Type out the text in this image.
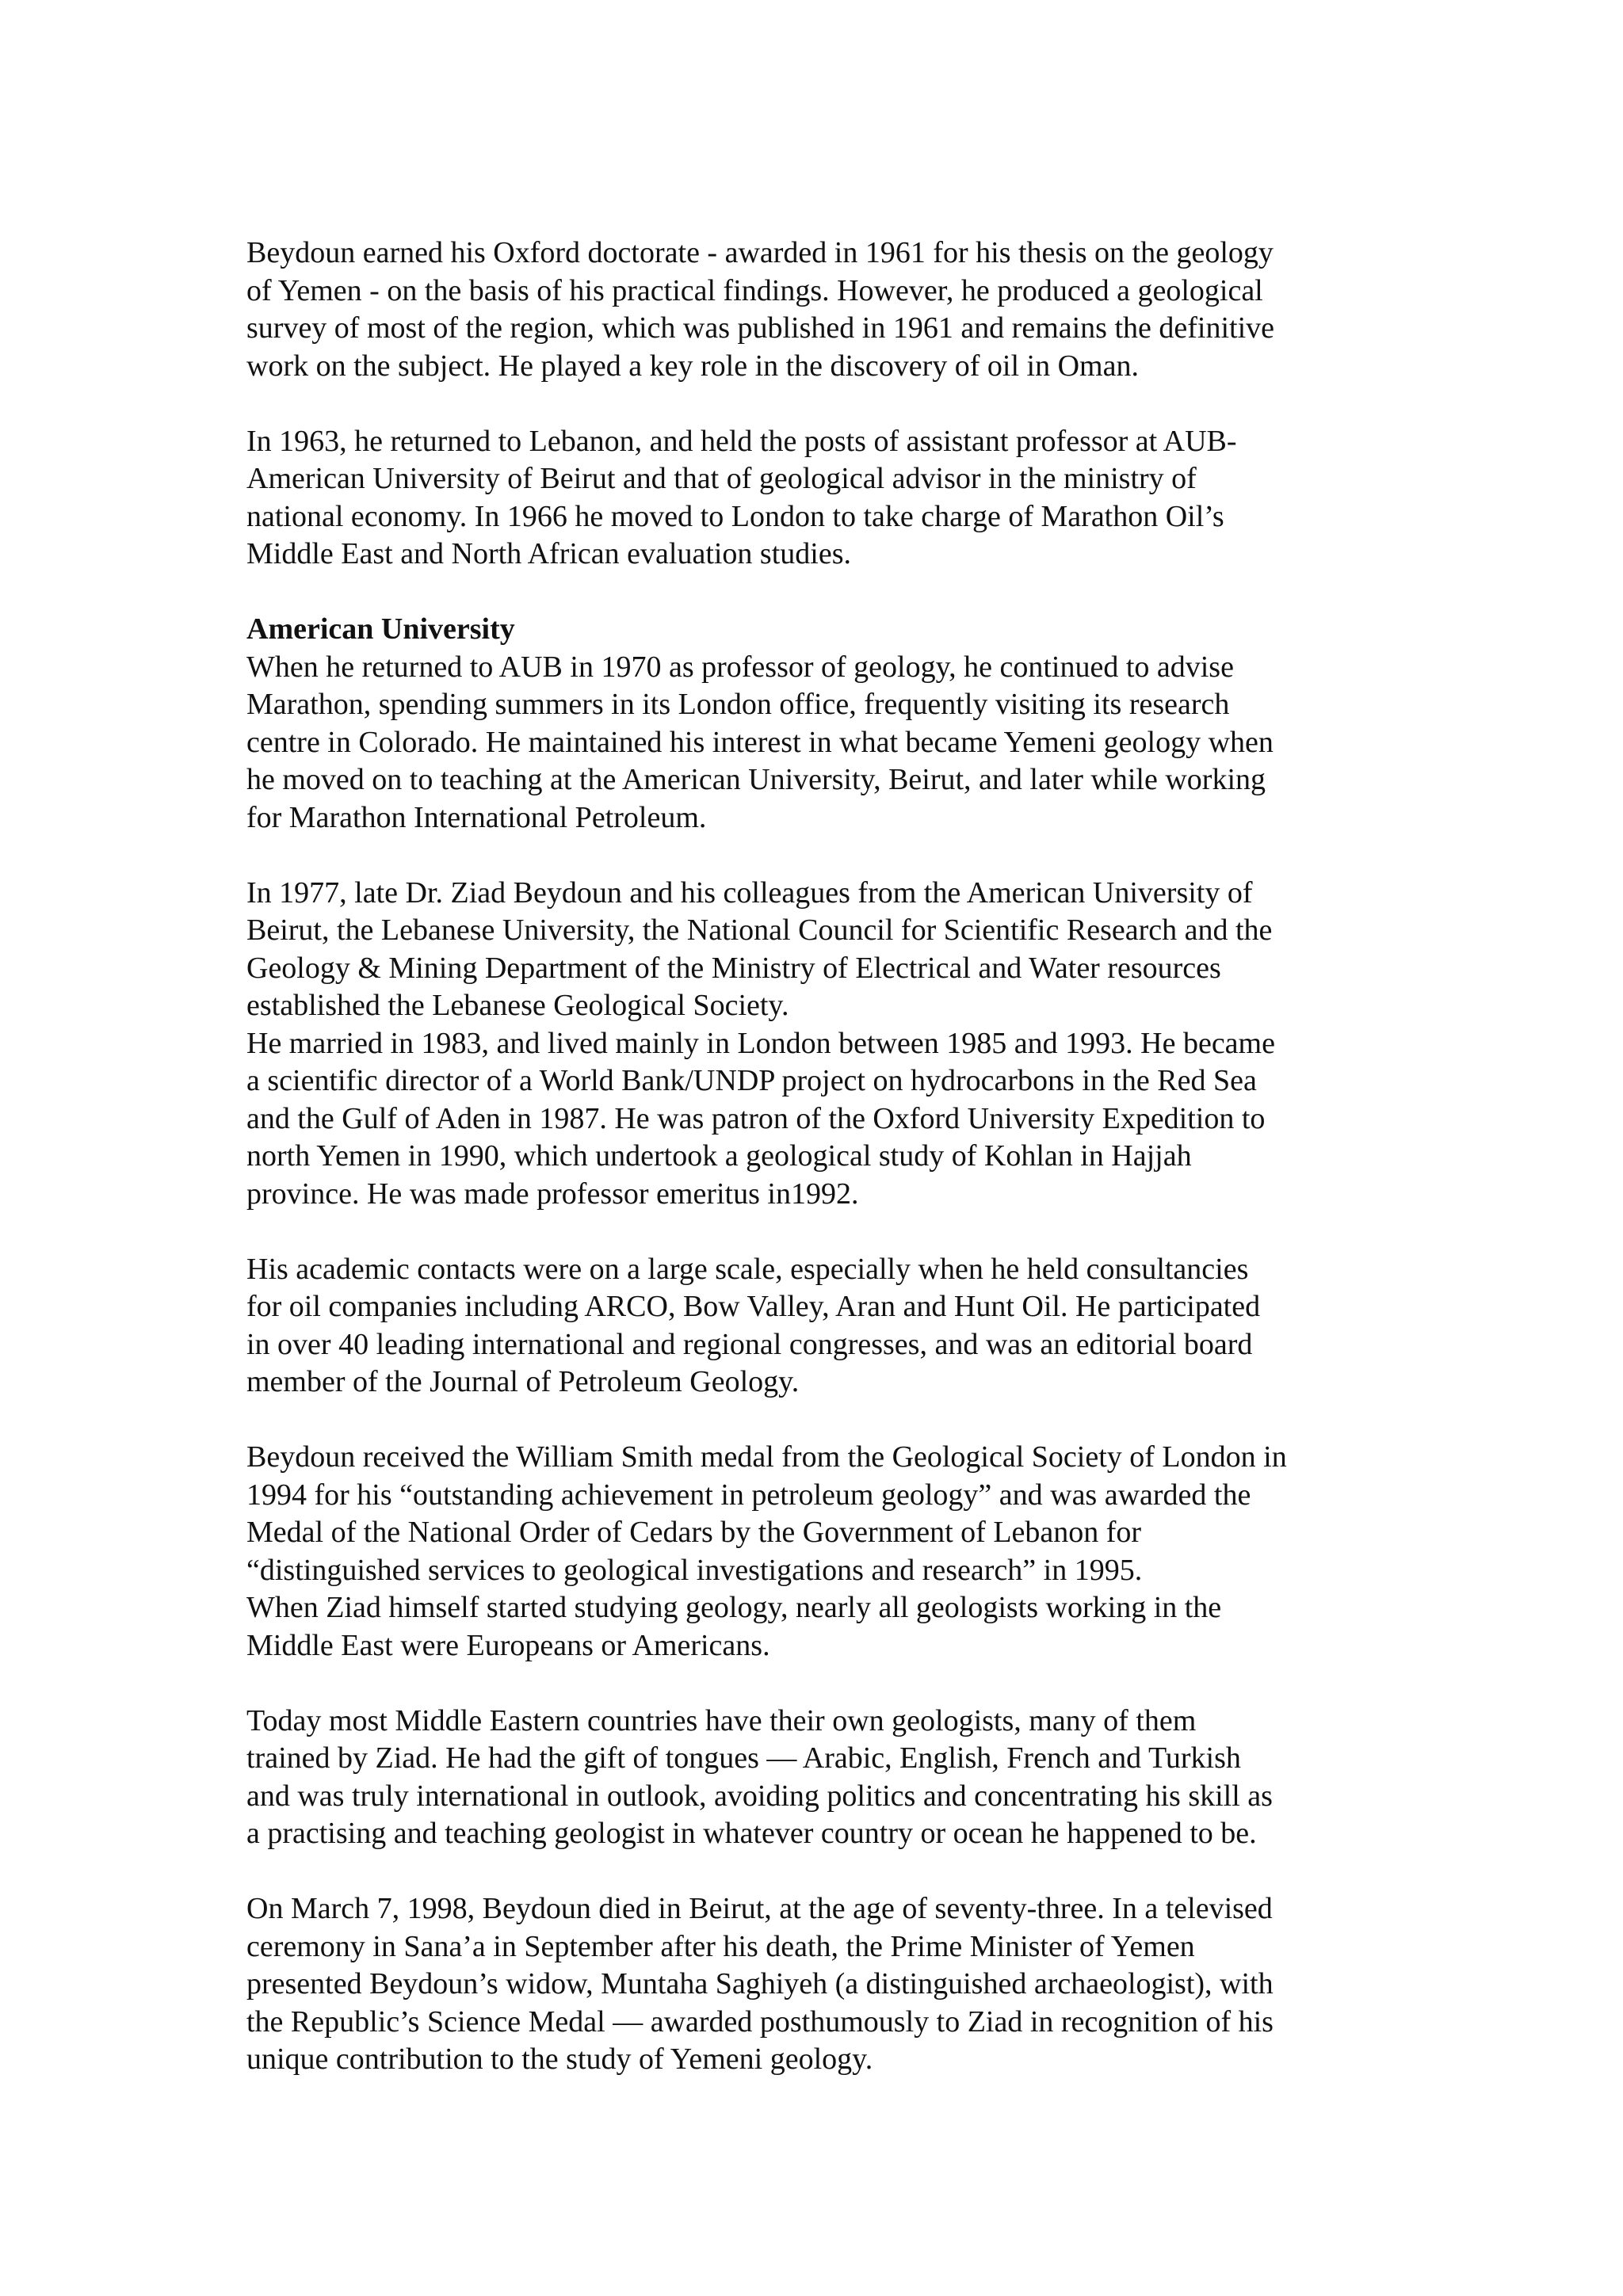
Beydoun earned his Oxford doctorate - awarded in 1961 for his thesis on the geology
of Yemen - on the basis of his practical findings. However, he produced a geological
survey of most of the region, which was published in 1961 and remains the definitive
work on the subject. He played a key role in the discovery of oil in Oman.
In 1963, he returned to Lebanon, and held the posts of assistant professor at AUB-
American University of Beirut and that of geological advisor in the ministry of
national economy. In 1966 he moved to London to take charge of Marathon Oil’s
Middle East and North African evaluation studies.
American University
When he returned to AUB in 1970 as professor of geology, he continued to advise
Marathon, spending summers in its London office, frequently visiting its research
centre in Colorado. He maintained his interest in what became Yemeni geology when
he moved on to teaching at the American University, Beirut, and later while working
for Marathon International Petroleum.
In 1977, late Dr. Ziad Beydoun and his colleagues from the American University of
Beirut, the Lebanese University, the National Council for Scientific Research and the
Geology & Mining Department of the Ministry of Electrical and Water resources
established the Lebanese Geological Society.
He married in 1983, and lived mainly in London between 1985 and 1993. He became
a scientific director of a World Bank/UNDP project on hydrocarbons in the Red Sea
and the Gulf of Aden in 1987. He was patron of the Oxford University Expedition to
north Yemen in 1990, which undertook a geological study of Kohlan in Hajjah
province. He was made professor emeritus in1992.
His academic contacts were on a large scale, especially when he held consultancies
for oil companies including ARCO, Bow Valley, Aran and Hunt Oil. He participated
in over 40 leading international and regional congresses, and was an editorial board
member of the Journal of Petroleum Geology.
Beydoun received the William Smith medal from the Geological Society of London in
1994 for his “outstanding achievement in petroleum geology” and was awarded the
Medal of the National Order of Cedars by the Government of Lebanon for
“distinguished services to geological investigations and research” in 1995.
When Ziad himself started studying geology, nearly all geologists working in the
Middle East were Europeans or Americans.
Today most Middle Eastern countries have their own geologists, many of them
trained by Ziad. He had the gift of tongues — Arabic, English, French and Turkish
and was truly international in outlook, avoiding politics and concentrating his skill as
a practising and teaching geologist in whatever country or ocean he happened to be.
On March 7, 1998, Beydoun died in Beirut, at the age of seventy-three. In a televised
ceremony in Sana’a in September after his death, the Prime Minister of Yemen
presented Beydoun’s widow, Muntaha Saghiyeh (a distinguished archaeologist), with
the Republic’s Science Medal — awarded posthumously to Ziad in recognition of his
unique contribution to the study of Yemeni geology.
